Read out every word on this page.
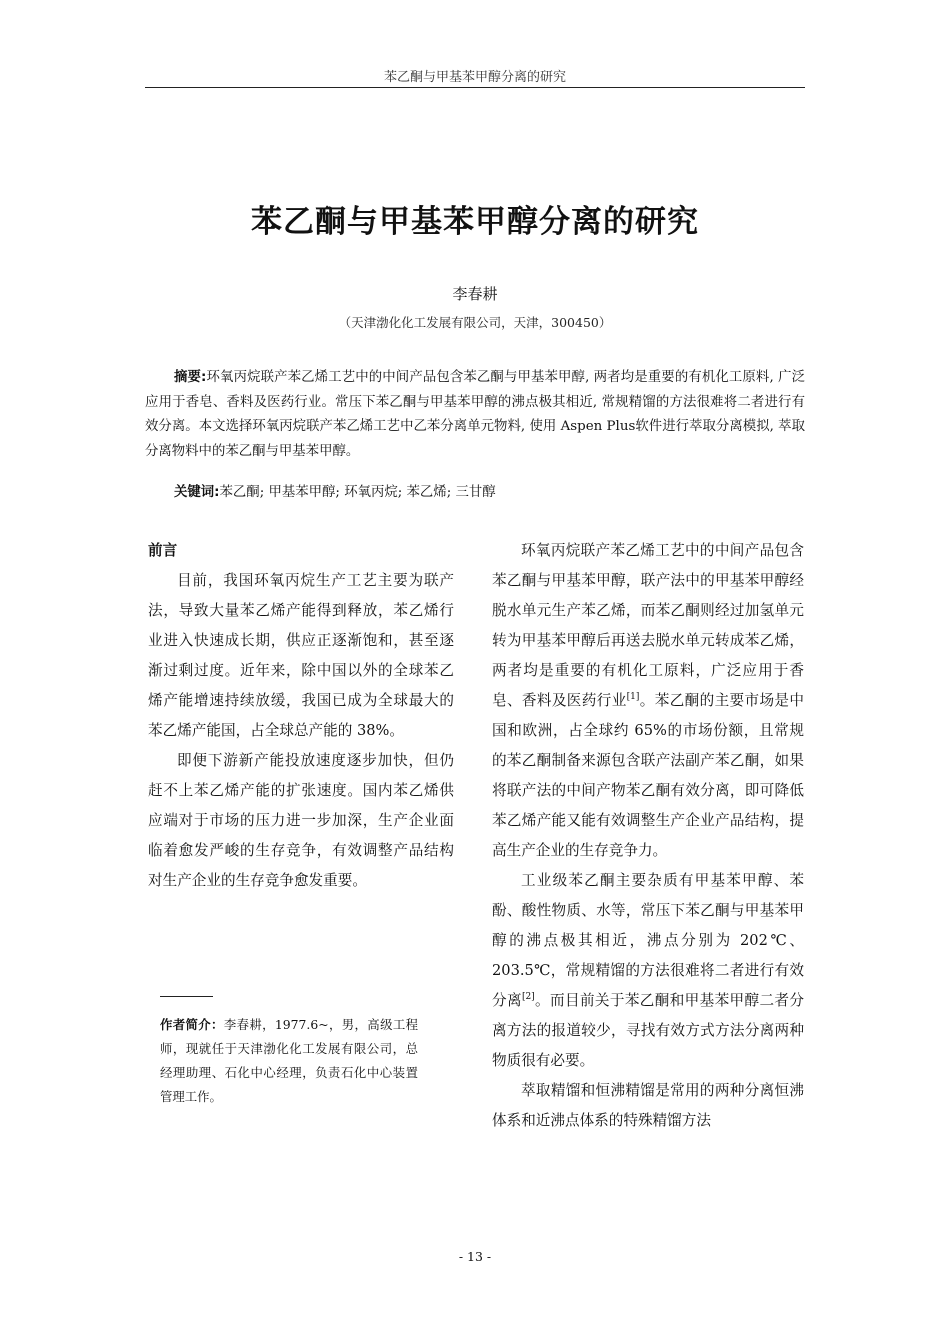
苯乙酮与甲基苯甲醇分离的研究
苯乙酮与甲基苯甲醇分离的研究
李春耕
（天津渤化化工发展有限公司，天津，300450）
摘要:环氧丙烷联产苯乙烯工艺中的中间产品包含苯乙酮与甲基苯甲醇, 两者均是重要的有机化工原料, 广泛应用于香皂、香料及医药行业。常压下苯乙酮与甲基苯甲醇的沸点极其相近, 常规精馏的方法很难将二者进行有效分离。本文选择环氧丙烷联产苯乙烯工艺中乙苯分离单元物料, 使用 Aspen Plus软件进行萃取分离模拟, 萃取分离物料中的苯乙酮与甲基苯甲醇。
关键词:苯乙酮; 甲基苯甲醇; 环氧丙烷; 苯乙烯; 三甘醇
前言

目前，我国环氧丙烷生产工艺主要为联产法，导致大量苯乙烯产能得到释放，苯乙烯行业进入快速成长期，供应正逐渐饱和，甚至逐渐过剩过度。近年来，除中国以外的全球苯乙烯产能增速持续放缓，我国已成为全球最大的苯乙烯产能国，占全球总产能的 38%。

即便下游新产能投放速度逐步加快，但仍赶不上苯乙烯产能的扩张速度。国内苯乙烯供应端对于市场的压力进一步加深，生产企业面临着愈发严峻的生存竞争，有效调整产品结构对生产企业的生存竞争愈发重要。

环氧丙烷联产苯乙烯工艺中的中间产品包含苯乙酮与甲基苯甲醇，联产法中的甲基苯甲醇经脱水单元生产苯乙烯，而苯乙酮则经过加氢单元转为甲基苯甲醇后再送去脱水单元转成苯乙烯，两者均是重要的有机化工原料，广泛应用于香皂、香料及医药行业[1]。苯乙酮的主要市场是中国和欧洲，占全球约 65%的市场份额，且常规的苯乙酮制备来源包含联产法副产苯乙酮，如果将联产法的中间产物苯乙酮有效分离，即可降低苯乙烯产能又能有效调整生产企业产品结构，提高生产企业的生存竞争力。

工业级苯乙酮主要杂质有甲基苯甲醇、苯酚、酸性物质、水等，常压下苯乙酮与甲基苯甲醇的沸点极其相近，沸点分别为 202℃、203.5℃，常规精馏的方法很难将二者进行有效分离[2]。而目前关于苯乙酮和甲基苯甲醇二者分离方法的报道较少，寻找有效方式方法分离两种物质很有必要。

萃取精馏和恒沸精馏是常用的两种分离恒沸体系和近沸点体系的特殊精馏方法

作者简介：李春耕，1977.6~，男，高级工程师，现就任于天津渤化化工发展有限公司，总经理助理、石化中心经理，负责石化中心装置管理工作。
- 13 -
